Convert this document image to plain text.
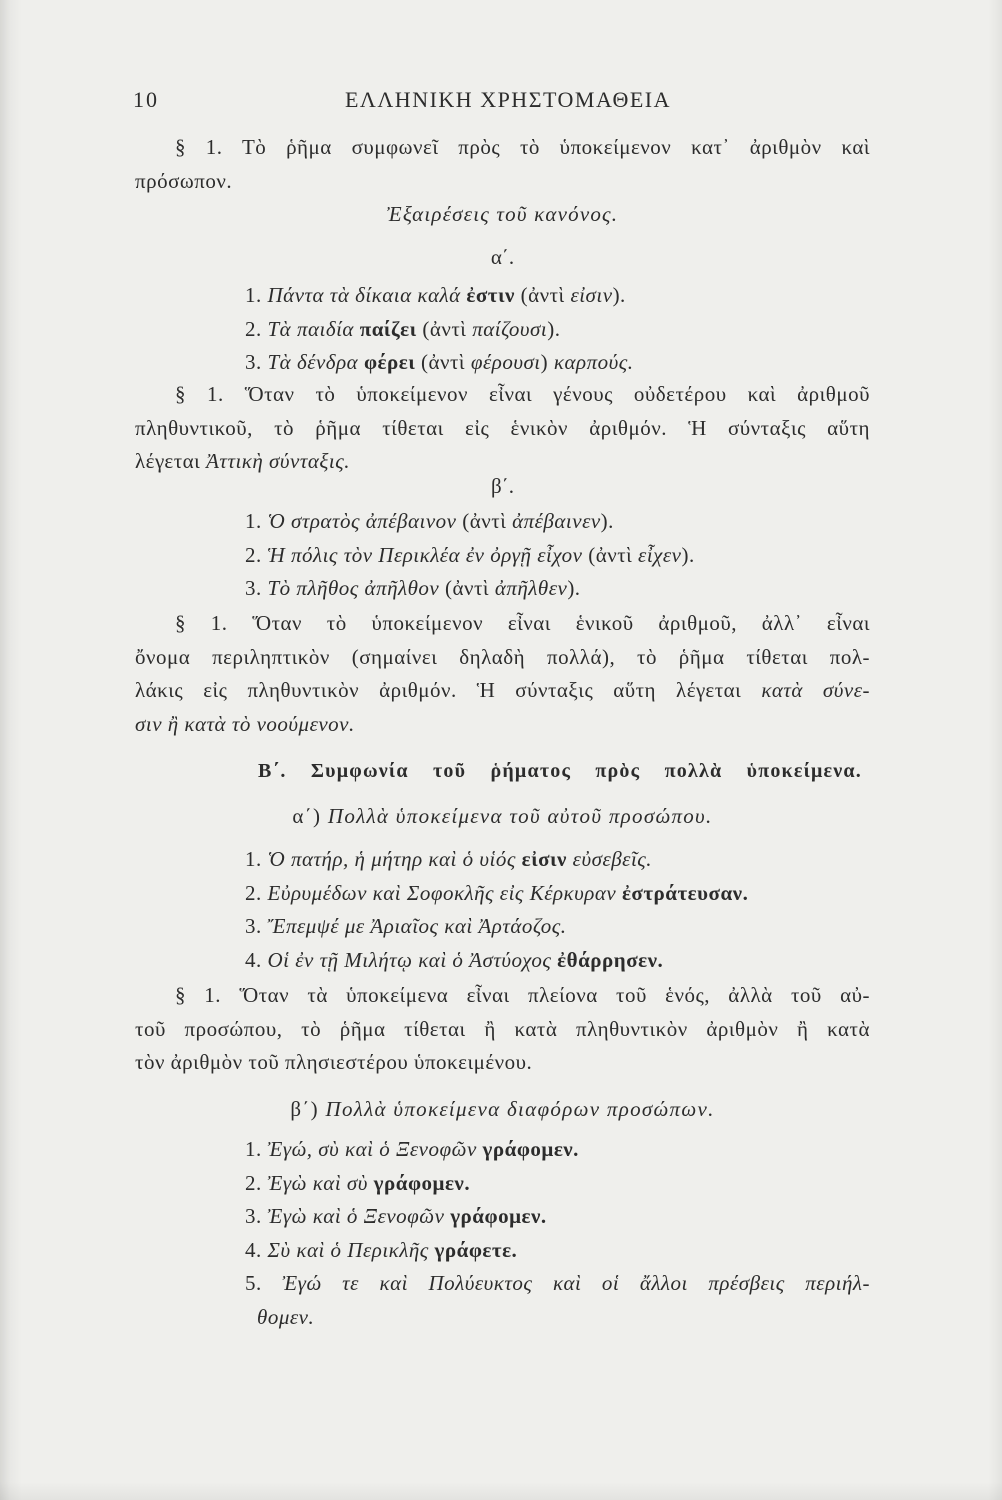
10	ΕΛΛΗΝΙΚΗ ΧΡΗΣΤΟΜΑΘΕΙΑ
§ 1. Τὸ ῥῆμα συμφωνεῖ πρὸς τὸ ὑποκείμενον κατ᾽ ἀριθμὸν καὶ
πρόσωπον.
Ἐξαιρέσεις τοῦ κανόνος.
α΄.
1. Πάντα τὰ δίκαια καλά ἐστιν (ἀντὶ εἰσιν).
2. Τὰ παιδία παίζει (ἀντὶ παίζουσι).
3. Τὰ δένδρα φέρει (ἀντὶ φέρουσι) καρπούς.
§ 1. Ὅταν τὸ ὑποκείμενον εἶναι γένους οὐδετέρου καὶ ἀριθμοῦ
πληθυντικοῦ, τὸ ῥῆμα τίθεται εἰς ἑνικὸν ἀριθμόν. Ἡ σύνταξις αὕτη
λέγεται Ἀττικὴ σύνταξις.
β΄.
1. Ὁ στρατὸς ἀπέβαινον (ἀντὶ ἀπέβαινεν).
2. Ἡ πόλις τὸν Περικλέα ἐν ὀργῇ εἶχον (ἀντὶ εἶχεν).
3. Τὸ πλῆθος ἀπῆλθον (ἀντὶ ἀπῆλθεν).
§ 1. Ὅταν τὸ ὑποκείμενον εἶναι ἑνικοῦ ἀριθμοῦ, ἀλλ᾽ εἶναι
ὄνομα περιληπτικὸν (σημαίνει δηλαδὴ πολλά), τὸ ῥῆμα τίθεται πολ-
λάκις εἰς πληθυντικὸν ἀριθμόν. Ἡ σύνταξις αὕτη λέγεται κατὰ σύνε-
σιν ἢ κατὰ τὸ νοούμενον.
Β΄. Συμφωνία τοῦ ῥήματος πρὸς πολλὰ ὑποκείμενα.
α΄) Πολλὰ ὑποκείμενα τοῦ αὐτοῦ προσώπου.
1. Ὁ πατήρ, ἡ μήτηρ καὶ ὁ υἱός εἰσιν εὐσεβεῖς.
2. Εὐρυμέδων καὶ Σοφοκλῆς εἰς Κέρκυραν ἐστράτευσαν.
3. Ἔπεμψέ με Ἀριαῖος καὶ Ἀρτάοζος.
4. Οἱ ἐν τῇ Μιλήτῳ καὶ ὁ Ἀστύοχος ἐθάρρησεν.
§ 1. Ὅταν τὰ ὑποκείμενα εἶναι πλείονα τοῦ ἑνός, ἀλλὰ τοῦ αὐ-
τοῦ προσώπου, τὸ ῥῆμα τίθεται ἢ κατὰ πληθυντικὸν ἀριθμὸν ἢ κατὰ
τὸν ἀριθμὸν τοῦ πλησιεστέρου ὑποκειμένου.
β΄) Πολλὰ ὑποκείμενα διαφόρων προσώπων.
1. Ἐγώ, σὺ καὶ ὁ Ξενοφῶν γράφομεν.
2. Ἐγὼ καὶ σὺ γράφομεν.
3. Ἐγὼ καὶ ὁ Ξενοφῶν γράφομεν.
4. Σὺ καὶ ὁ Περικλῆς γράφετε.
5. Ἐγώ τε καὶ Πολύευκτος καὶ οἱ ἄλλοι πρέσβεις περιήλ-
θομεν.
